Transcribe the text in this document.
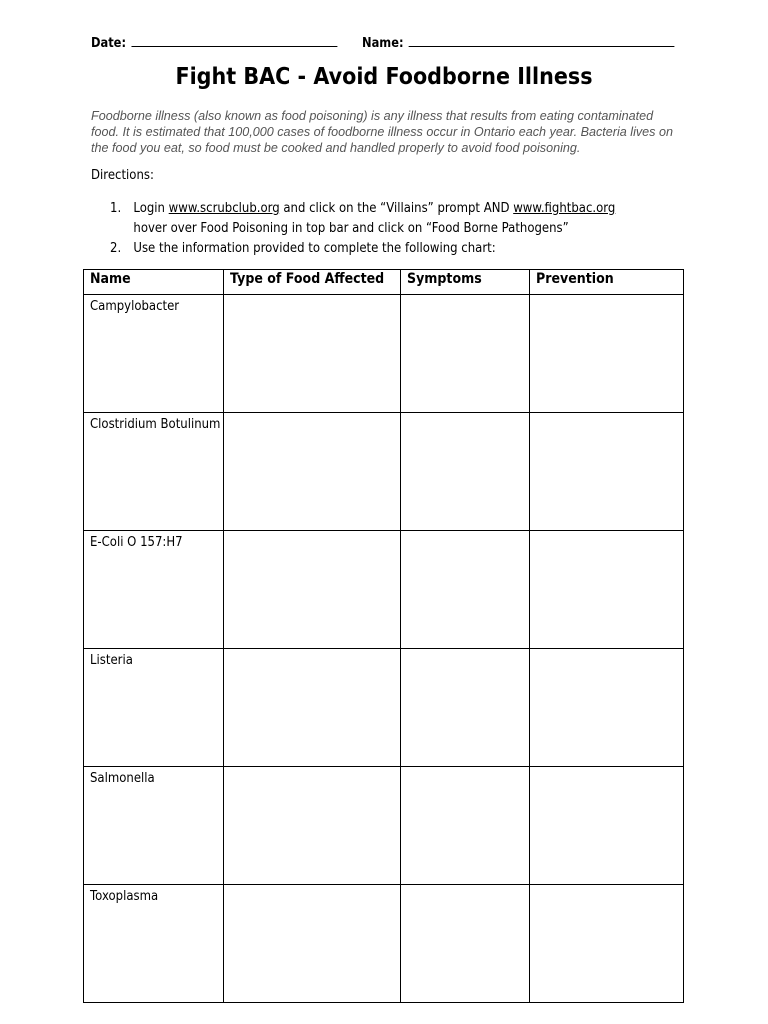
Date:	Name:
Fight BAC - Avoid Foodborne Illness
Foodborne illness (also known as food poisoning) is any illness that results from eating contaminated food. It is estimated that 100,000 cases of foodborne illness occur in Ontario each year. Bacteria lives on the food you eat, so food must be cooked and handled properly to avoid food poisoning.
Directions:
1. Login www.scrubclub.org and click on the “Villains” prompt AND www.fightbac.org
hover over Food Poisoning in top bar and click on “Food Borne Pathogens”
2. Use the information provided to complete the following chart:
Name	Type of Food Affected	Symptoms	Prevention
Campylobacter			
Clostridium Botulinum			
E-Coli O 157:H7			
Listeria			
Salmonella			
Toxoplasma			
